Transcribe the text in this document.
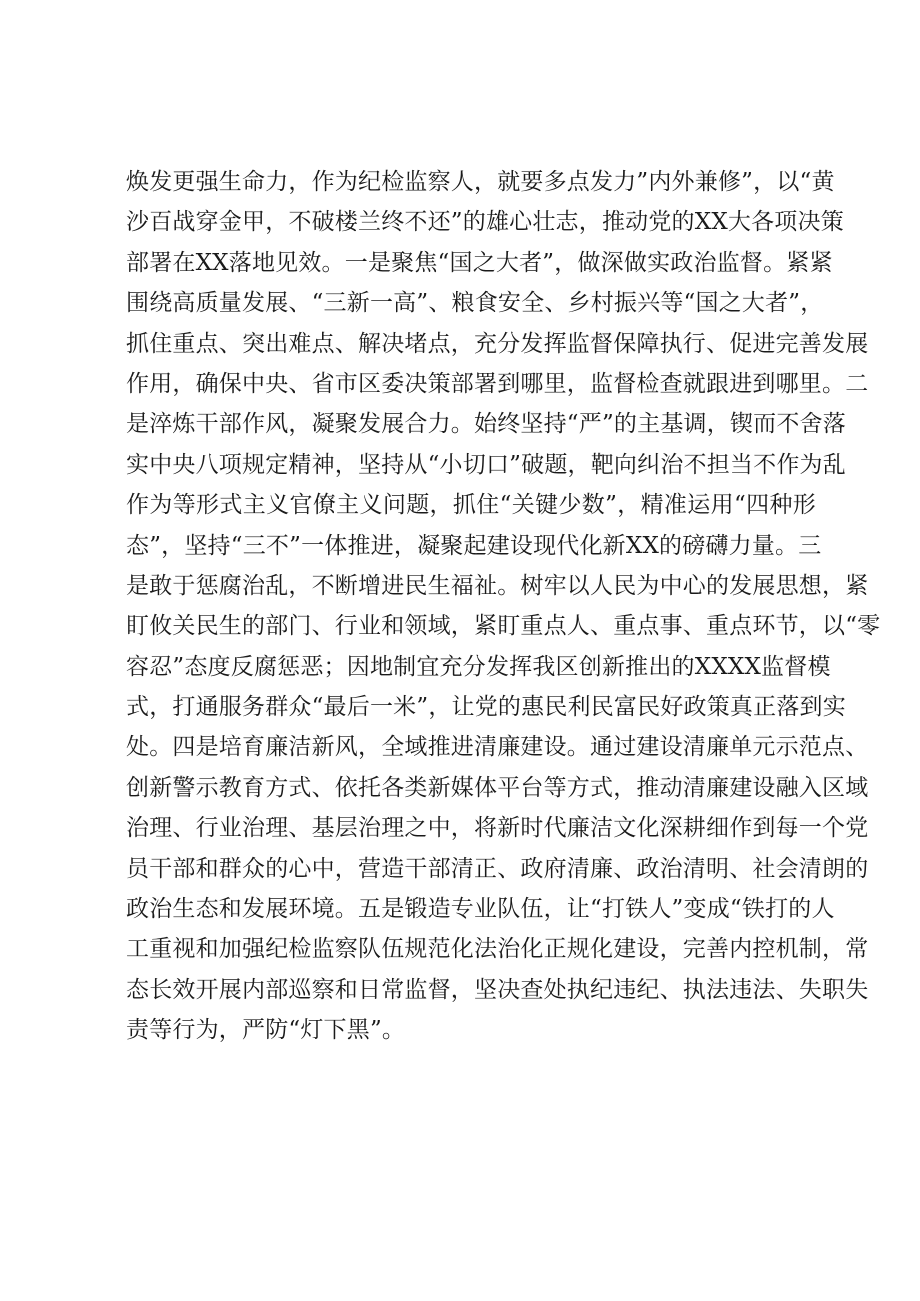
焕发更强生命力，作为纪检监察人，就要多点发力”内外兼修”，以“黄
沙百战穿金甲，不破楼兰终不还”的雄心壮志，推动党的XX大各项决策
部署在XX落地见效。一是聚焦“国之大者”，做深做实政治监督。紧紧
围绕高质量发展、“三新一高”、粮食安全、乡村振兴等“国之大者”，
抓住重点、突出难点、解决堵点，充分发挥监督保障执行、促进完善发展
作用，确保中央、省市区委决策部署到哪里，监督检查就跟进到哪里。二
是淬炼干部作风，凝聚发展合力。始终坚持“严”的主基调，锲而不舍落
实中央八项规定精神，坚持从“小切口”破题，靶向纠治不担当不作为乱
作为等形式主义官僚主义问题，抓住“关键少数”，精准运用“四种形
态”，坚持“三不”一体推进，凝聚起建设现代化新XX的磅礴力量。三
是敢于惩腐治乱，不断增进民生福祉。树牢以人民为中心的发展思想，紧
盯攸关民生的部门、行业和领域，紧盯重点人、重点事、重点环节，以“零
容忍”态度反腐惩恶；因地制宜充分发挥我区创新推出的XXXX监督模
式，打通服务群众“最后一米”，让党的惠民利民富民好政策真正落到实
处。四是培育廉洁新风，全域推进清廉建设。通过建设清廉单元示范点、
创新警示教育方式、依托各类新媒体平台等方式，推动清廉建设融入区域
治理、行业治理、基层治理之中，将新时代廉洁文化深耕细作到每一个党
员干部和群众的心中，营造干部清正、政府清廉、政治清明、社会清朗的
政治生态和发展环境。五是锻造专业队伍，让“打铁人”变成“铁打的人
工重视和加强纪检监察队伍规范化法治化正规化建设，完善内控机制，常
态长效开展内部巡察和日常监督，坚决查处执纪违纪、执法违法、失职失
责等行为，严防“灯下黑”。
